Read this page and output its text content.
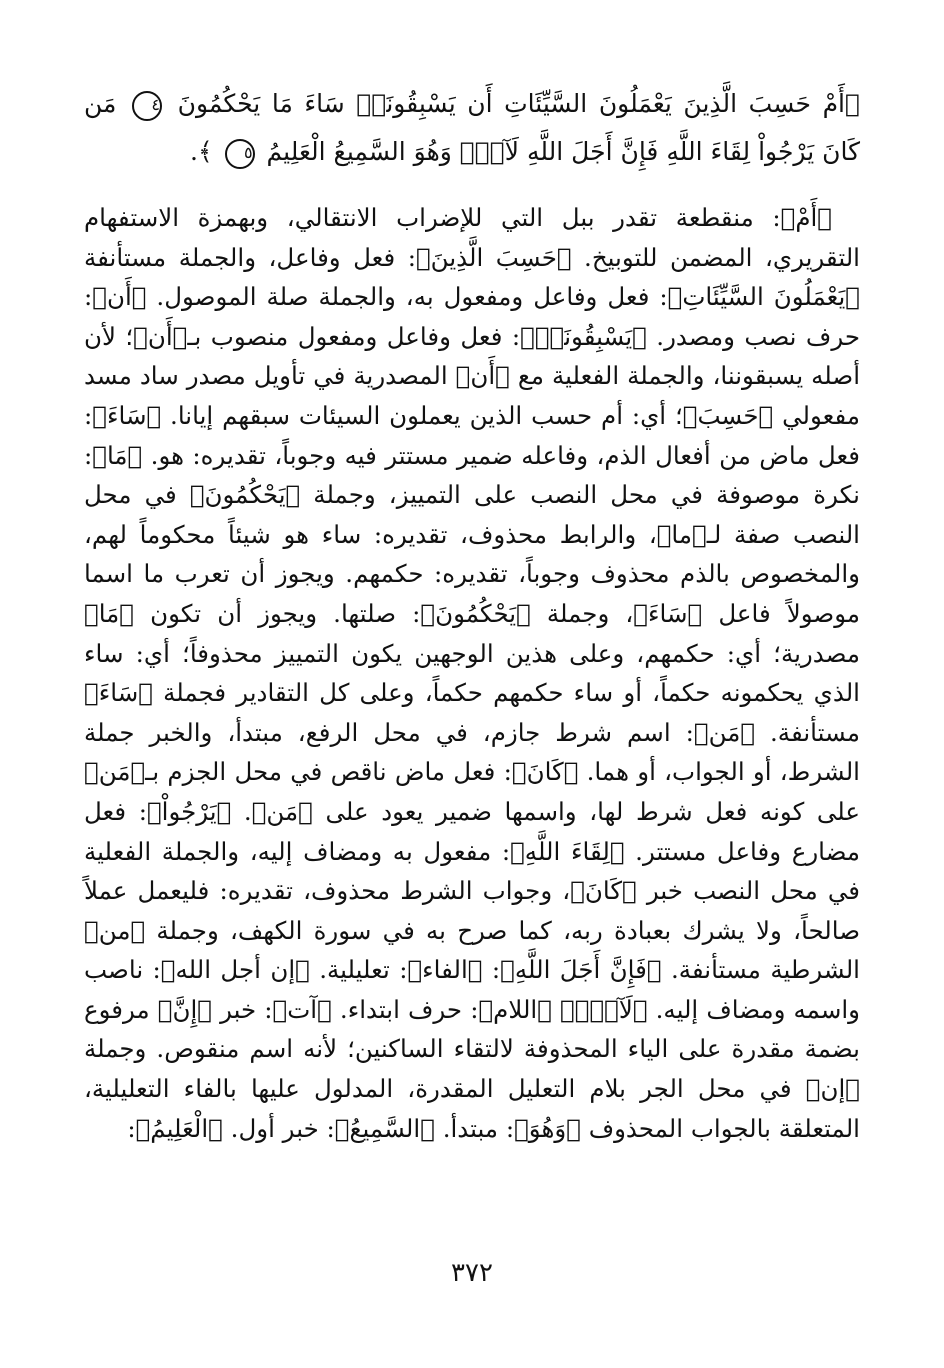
﴿أَمْ حَسِبَ الَّذِينَ يَعْمَلُونَ السَّيِّئَاتِ أَن يَسْبِقُونَاۚ سَاءَ مَا يَحْكُمُونَ ٤ مَن كَانَ يَرْجُواْ لِقَاءَ اللَّهِ فَإِنَّ أَجَلَ اللَّهِ لَآتٍۚ وَهُوَ السَّمِيعُ الْعَلِيمُ ٥ ﴾.

﴿أَمْ﴾: منقطعة تقدر ببل التي للإضراب الانتقالي، وبهمزة الاستفهام التقريري، المضمن للتوبيخ. ﴿حَسِبَ الَّذِينَ﴾: فعل وفاعل، والجملة مستأنفة ﴿يَعْمَلُونَ السَّيِّئَاتِ﴾: فعل وفاعل ومفعول به، والجملة صلة الموصول. ﴿أَن﴾: حرف نصب ومصدر. ﴿يَسْبِقُونَاۚ﴾: فعل وفاعل ومفعول منصوب بـ﴿أَن﴾؛ لأن أصله يسبقوننا، والجملة الفعلية مع ﴿أَن﴾ المصدرية في تأويل مصدر ساد مسد مفعولي ﴿حَسِبَ﴾؛ أي: أم حسب الذين يعملون السيئات سبقهم إيانا. ﴿سَاءَ﴾: فعل ماض من أفعال الذم، وفاعله ضمير مستتر فيه وجوباً، تقديره: هو. ﴿مَا﴾: نكرة موصوفة في محل النصب على التمييز، وجملة ﴿يَحْكُمُونَ﴾ في محل النصب صفة لـ﴿ما﴾، والرابط محذوف، تقديره: ساء هو شيئاً محكوماً لهم، والمخصوص بالذم محذوف وجوباً، تقديره: حكمهم. ويجوز أن تعرب ما اسما موصولاً فاعل ﴿سَاءَ﴾، وجملة ﴿يَحْكُمُونَ﴾: صلتها. ويجوز أن تكون ﴿مَا﴾ مصدرية؛ أي: حكمهم، وعلى هذين الوجهين يكون التمييز محذوفاً؛ أي: ساء الذي يحكمونه حكماً، أو ساء حكمهم حكماً، وعلى كل التقادير فجملة ﴿سَاءَ﴾ مستأنفة. ﴿مَن﴾: اسم شرط جازم، في محل الرفع، مبتدأ، والخبر جملة الشرط، أو الجواب، أو هما. ﴿كَانَ﴾: فعل ماض ناقص في محل الجزم بـ﴿مَن﴾ على كونه فعل شرط لها، واسمها ضمير يعود على ﴿مَن﴾. ﴿يَرْجُواْ﴾: فعل مضارع وفاعل مستتر. ﴿لِقَاءَ اللَّهِ﴾: مفعول به ومضاف إليه، والجملة الفعلية في محل النصب خبر ﴿كَانَ﴾، وجواب الشرط محذوف، تقديره: فليعمل عملاً صالحاً، ولا يشرك بعبادة ربه، كما صرح به في سورة الكهف، وجملة ﴿من﴾ الشرطية مستأنفة. ﴿فَإِنَّ أَجَلَ اللَّهِ﴾: ﴿الفاء﴾: تعليلية. ﴿إن أجل الله﴾: ناصب واسمه ومضاف إليه. ﴿لَآتٍۚ﴾ ﴿اللام﴾: حرف ابتداء. ﴿آت﴾: خبر ﴿إِنَّ﴾ مرفوع بضمة مقدرة على الياء المحذوفة لالتقاء الساكنين؛ لأنه اسم منقوص. وجملة ﴿إن﴾ في محل الجر بلام التعليل المقدرة، المدلول عليها بالفاء التعليلية، المتعلقة بالجواب المحذوف ﴿وَهُوَ﴾: مبتدأ. ﴿السَّمِيعُ﴾: خبر أول. ﴿الْعَلِيمُ﴾:

٣٧٢
